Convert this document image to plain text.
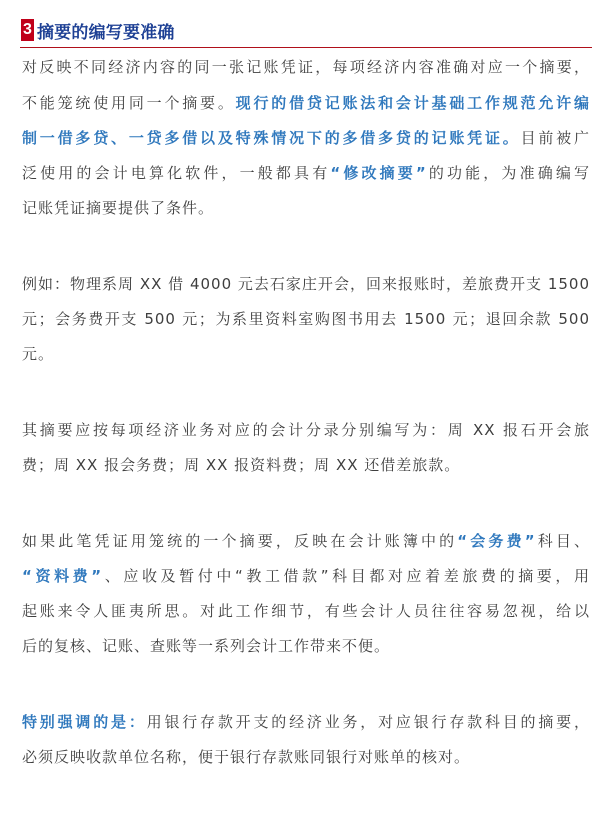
3 摘要的编写要准确
对反映不同经济内容的同一张记账凭证，每项经济内容准确对应一个摘要，
不能笼统使用同一个摘要。现行的借贷记账法和会计基础工作规范允许编
制一借多贷、一贷多借以及特殊情况下的多借多贷的记账凭证。目前被广
泛使用的会计电算化软件，一般都具有“修改摘要”的功能，为准确编写
记账凭证摘要提供了条件。
例如：物理系周 XX 借 4000 元去石家庄开会，回来报账时，差旅费开支 1500
元；会务费开支 500 元；为系里资料室购图书用去 1500 元；退回余款 500
元。
其摘要应按每项经济业务对应的会计分录分别编写为：周 XX 报石开会旅
费；周 XX 报会务费；周 XX 报资料费；周 XX 还借差旅款。
如果此笔凭证用笼统的一个摘要，反映在会计账簿中的“会务费”科目、
“资料费”、应收及暂付中“教工借款”科目都对应着差旅费的摘要，用
起账来令人匪夷所思。对此工作细节，有些会计人员往往容易忽视，给以
后的复核、记账、查账等一系列会计工作带来不便。
特别强调的是：用银行存款开支的经济业务，对应银行存款科目的摘要，
必须反映收款单位名称，便于银行存款账同银行对账单的核对。
